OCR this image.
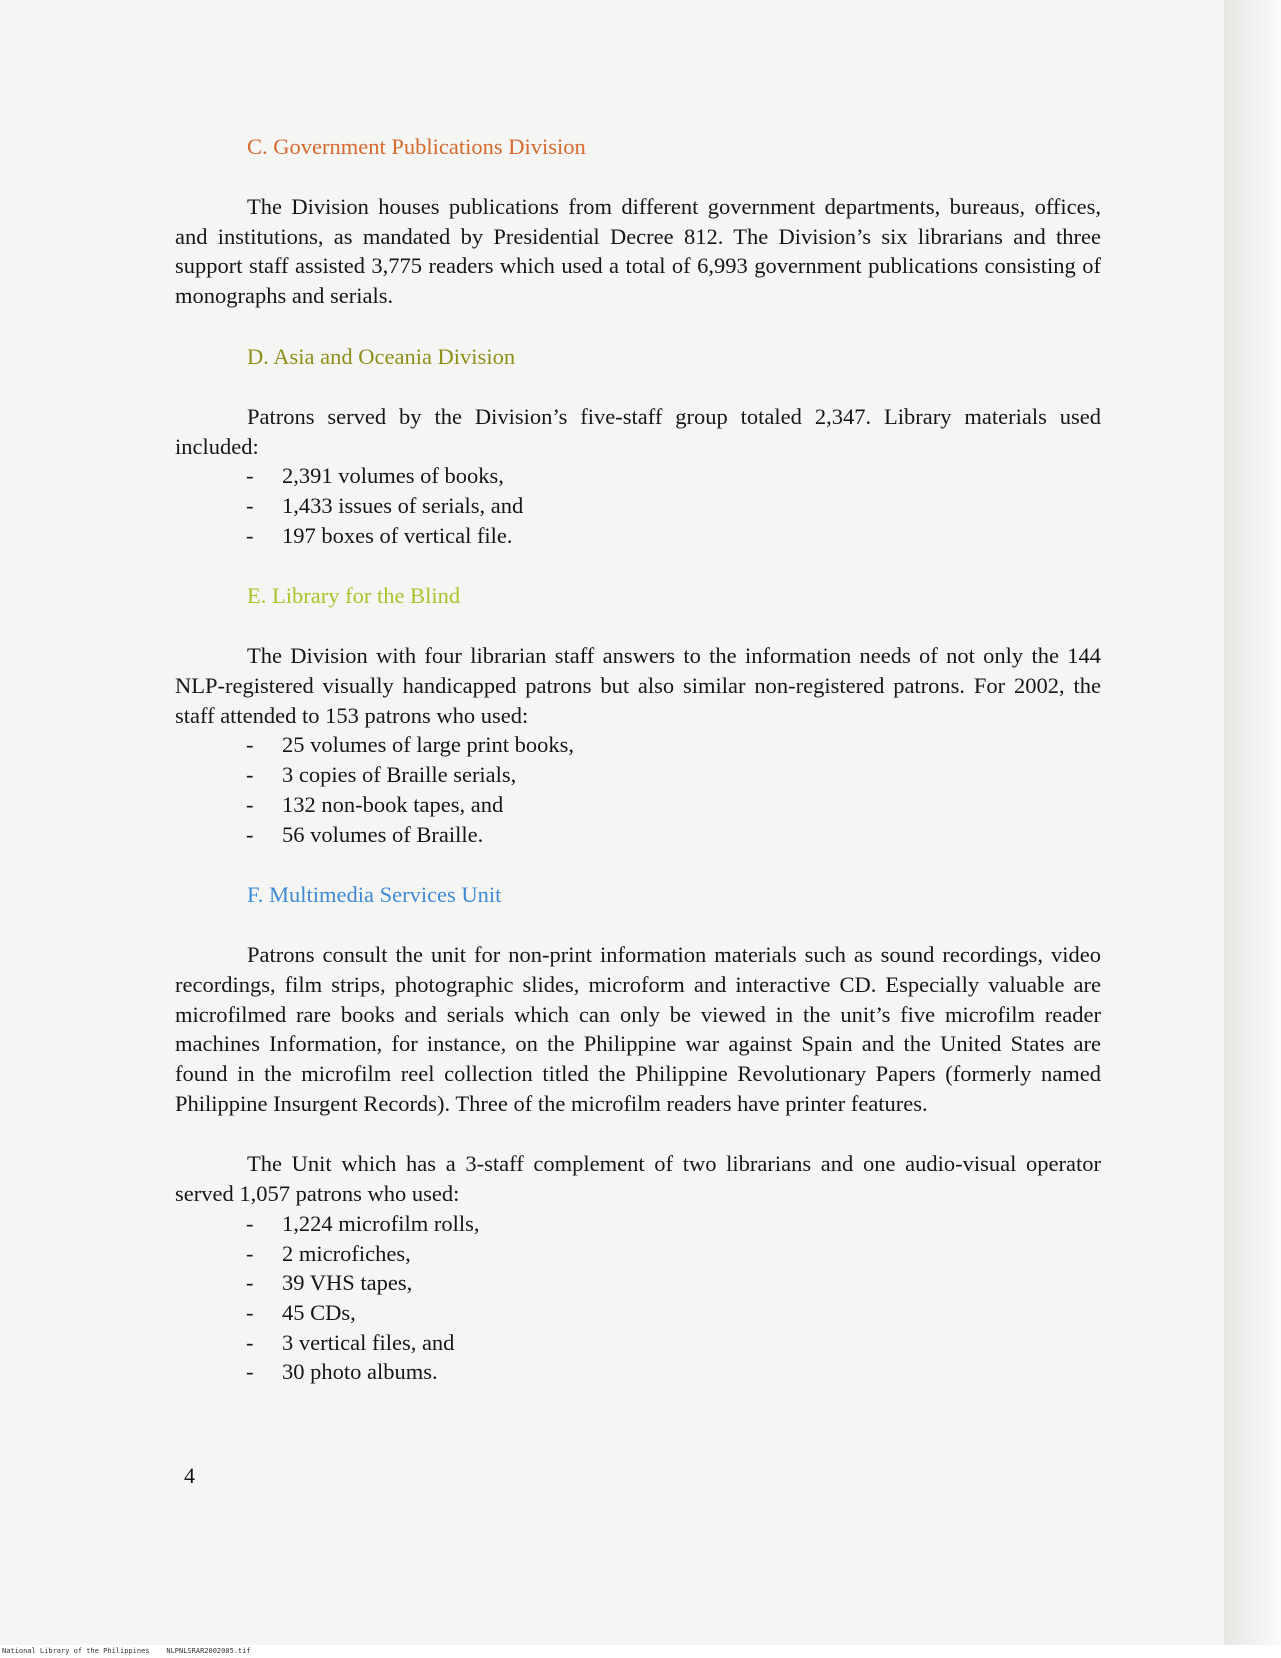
C. Government Publications Division

The Division houses publications from different government departments, bureaus, offices, and institutions, as mandated by Presidential Decree 812. The Division’s six librarians and three support staff assisted 3,775 readers which used a total of 6,993 government publications consisting of monographs and serials.

D. Asia and Oceania Division

Patrons served by the Division’s five-staff group totaled 2,347. Library materials used included:

- 2,391 volumes of books,
- 1,433 issues of serials, and
- 197 boxes of vertical file.
E. Library for the Blind

The Division with four librarian staff answers to the information needs of not only the 144 NLP-registered visually handicapped patrons but also similar non-registered patrons. For 2002, the staff attended to 153 patrons who used:

- 25 volumes of large print books,
- 3 copies of Braille serials,
- 132 non-book tapes, and
- 56 volumes of Braille.
F. Multimedia Services Unit

Patrons consult the unit for non-print information materials such as sound recordings, video recordings, film strips, photographic slides, microform and interactive CD. Especially valuable are microfilmed rare books and serials which can only be viewed in the unit’s five microfilm reader machines Information, for instance, on the Philippine war against Spain and the United States are found in the microfilm reel collection titled the Philippine Revolutionary Papers (formerly named Philippine Insurgent Records). Three of the microfilm readers have printer features.

The Unit which has a 3-staff complement of two librarians and one audio-visual operator served 1,057 patrons who used:

- 1,224 microfilm rolls,
- 2 microfiches,
- 39 VHS tapes,
- 45 CDs,
- 3 vertical files, and
- 30 photo albums.
4
National Library of the Philippines    NLPNLSRAR2002005.tif
